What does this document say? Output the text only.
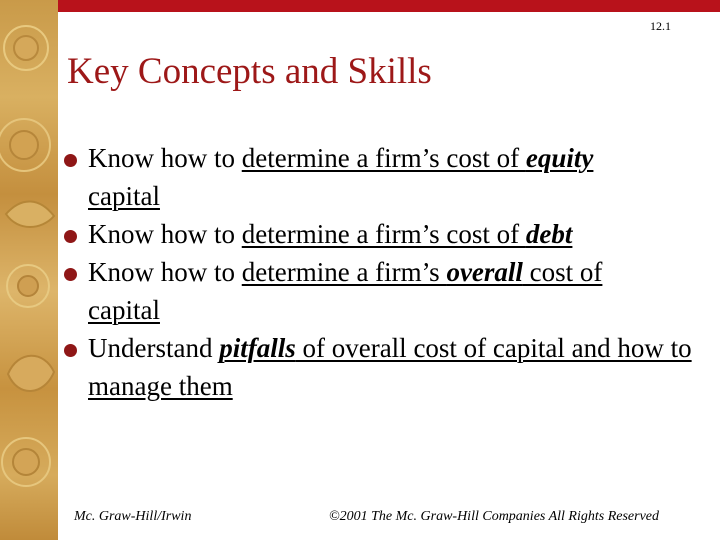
12.1
Key Concepts and Skills
Know how to determine a firm’s cost of equity
capital
Know how to determine a firm’s cost of debt
Know how to determine a firm’s overall cost of
capital
Understand pitfalls of overall cost of capital and how to manage them
Mc. Graw-Hill/Irwin	©2001 The Mc. Graw-Hill Companies All Rights Reserved
